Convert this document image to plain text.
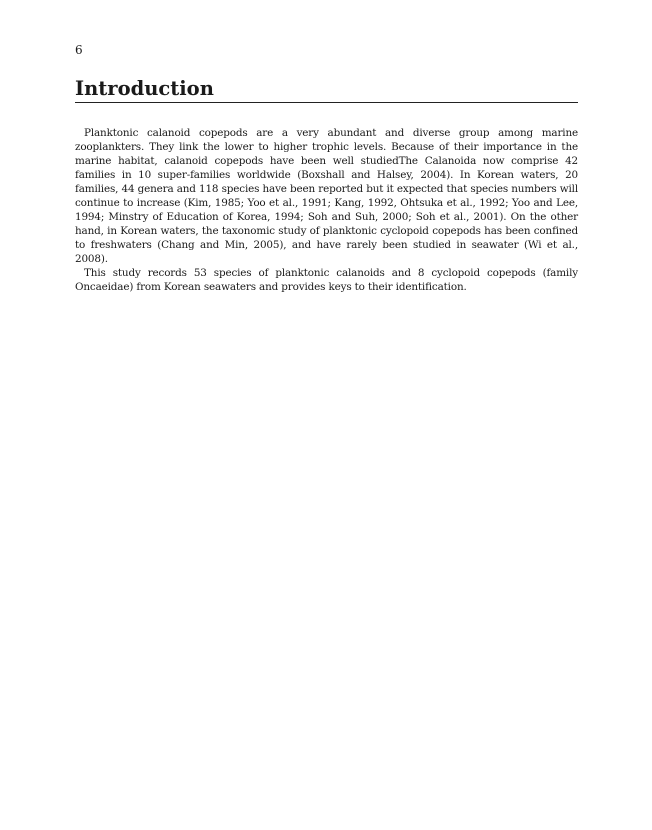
6
Introduction

Planktonic calanoid copepods are a very abundant and diverse group among marine zooplankters. They link the lower to higher trophic levels. Because of their importance in the marine habitat, calanoid copepods have been well studiedThe Calanoida now comprise 42 families in 10 super-families worldwide (Boxshall and Halsey, 2004). In Korean waters, 20 families, 44 genera and 118 species have been reported but it expected that species numbers will continue to increase (Kim, 1985; Yoo et al., 1991; Kang, 1992, Ohtsuka et al., 1992; Yoo and Lee, 1994; Minstry of Education of Korea, 1994; Soh and Suh, 2000; Soh et al., 2001). On the other hand, in Korean waters, the taxonomic study of planktonic cyclopoid copepods has been confined to freshwaters (Chang and Min, 2005), and have rarely been studied in seawater (Wi et al., 2008).

This study records 53 species of planktonic calanoids and 8 cyclopoid copepods (family Oncaeidae) from Korean seawaters and provides keys to their identification.
